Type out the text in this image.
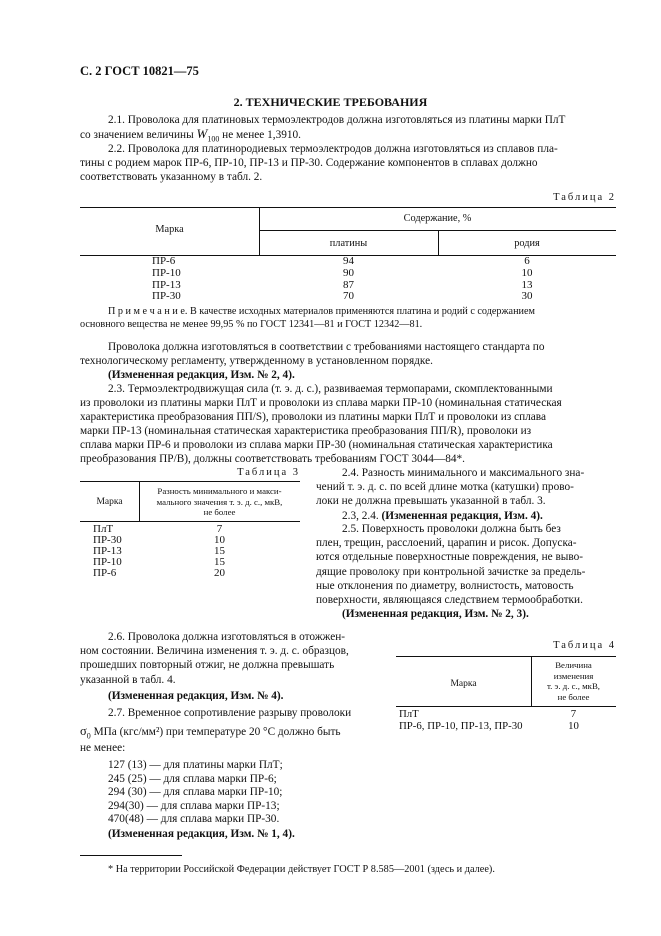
С. 2 ГОСТ 10821—75
2. ТЕХНИЧЕСКИЕ ТРЕБОВАНИЯ
2.1. Проволока для платиновых термоэлектродов должна изготовляться из платины марки ПлТ
со значением величины $W_{100}$ не менее 1,3910.
2.2. Проволока для платинородиевых термоэлектродов должна изготовляться из сплавов пла-
тины с родием марок ПР-6, ПР-10, ПР-13 и ПР-30. Содержание компонентов в сплавах должно
соответствовать указанному в табл. 2.
Таблица 2
Марка
Содержание, %
платины	родия
ПР-6	94	6
ПР-10	90	10
ПР-13	87	13
ПР-30	70	30
П р и м е ч а н и е. В качестве исходных материалов применяются платина и родий с содержанием
основного вещества не менее 99,95 % по ГОСТ 12341—81 и ГОСТ 12342—81.
Проволока должна изготовляться в соответствии с требованиями настоящего стандарта по
технологическому регламенту, утвержденному в установленном порядке.
(Измененная редакция, Изм. № 2, 4).
2.3. Термоэлектродвижущая сила (т. э. д. с.), развиваемая термопарами, скомплектованными
из проволоки из платины марки ПлТ и проволоки из сплава марки ПР-10 (номинальная статическая
характеристика преобразования ПП/S), проволоки из платины марки ПлТ и проволоки из сплава
марки ПР-13 (номинальная статическая характеристика преобразования ПП/R), проволоки из
сплава марки ПР-6 и проволоки из сплава марки ПР-30 (номинальная статическая характеристика
преобразования ПР/В), должны соответствовать требованиям ГОСТ 3044—84*.
Таблица 3
Марка
Разность минимального и макси-
мального значения т. э. д. с., мкВ,
не более
ПлТ	7
ПР-30	10
ПР-13	15
ПР-10	15
ПР-6	20
2.4. Разность минимального и максимального зна-
чений т. э. д. с. по всей длине мотка (катушки) прово-
локи не должна превышать указанной в табл. 3.
2.3, 2.4. (Измененная редакция, Изм. 4).
2.5. Поверхность проволоки должна быть без
плен, трещин, расслоений, царапин и рисок. Допуска-
ются отдельные поверхностные повреждения, не выво-
дящие проволоку при контрольной зачистке за предель-
ные отклонения по диаметру, волнистость, матовость
поверхности, являющаяся следствием термообработки.
(Измененная редакция, Изм. № 2, 3).
2.6. Проволока должна изготовляться в отожжен-
ном состоянии. Величина изменения т. э. д. с. образцов,
прошедших повторный отжиг, не должна превышать
указанной в табл. 4.
(Измененная редакция, Изм. № 4).
2.7. Временное сопротивление разрыву проволоки
$\sigma_0$ МПа (кгс/мм²) при температуре 20 °С должно быть
не менее:
127 (13) — для платины марки ПлТ;
245 (25) — для сплава марки ПР-6;
294 (30) — для сплава марки ПР-10;
294(30) — для сплава марки ПР-13;
470(48) — для сплава марки ПР-30.
(Измененная редакция, Изм. № 1, 4).
Таблица 4
Марка
Величина
изменения
т. э. д. с., мкВ,
не более
ПлТ	7
ПР-6, ПР-10, ПР-13, ПР-30	10
* На территории Российской Федерации действует ГОСТ Р 8.585—2001 (здесь и далее).
